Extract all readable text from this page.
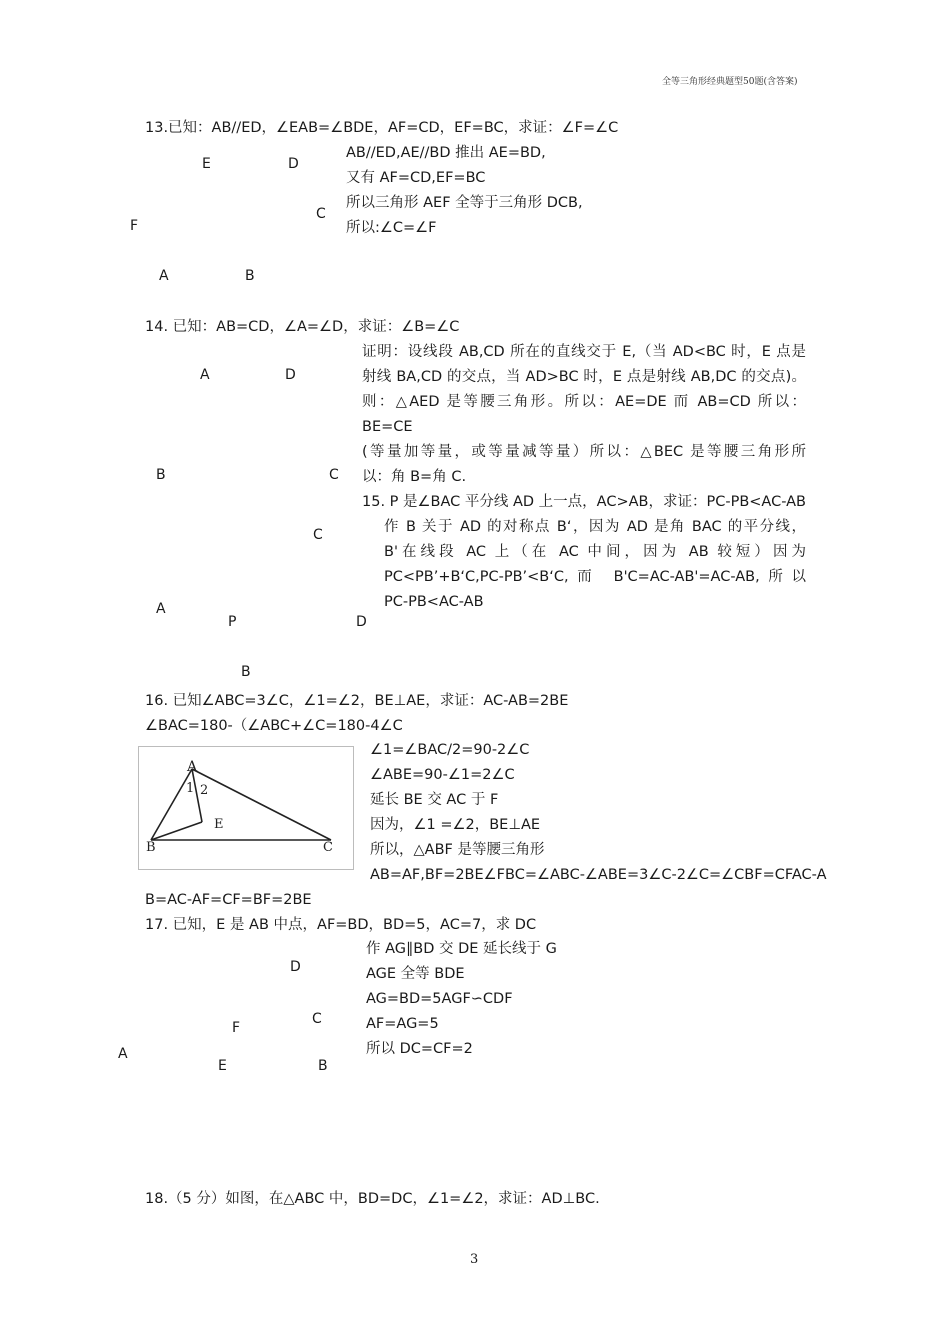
全等三角形经典题型50题(含答案)
3
13.已知：AB//ED，∠EAB=∠BDE，AF=CD，EF=BC，求证：∠F=∠C
E	D
C
F
A	B
AB//ED,AE//BD 推出 AE=BD,
又有 AF=CD,EF=BC
所以三角形 AEF 全等于三角形 DCB,
所以:∠C=∠F
14. 已知：AB=CD，∠A=∠D，求证：∠B=∠C
A	D
B	C
证明：设线段 AB,CD 所在的直线交于 E,（当 AD<BC 时，E 点是
射线 BA,CD 的交点，当 AD>BC 时，E 点是射线 AB,DC 的交点)。
则：△AED 是等腰三角形。所以：AE=DE 而 AB=CD 所以：BE=CE
(等量加等量，或等量减等量）所以：△BEC 是等腰三角形所
以：角 B=角 C.
15. P 是∠BAC 平分线 AD 上一点，AC>AB，求证：PC-PB<AC-AB
C
A
P	D
B
作 B 关于 AD 的对称点 B‘，因为 AD 是角 BAC 的平分线，
B'在线段 AC 上（在 AC 中间，因为 AB 较短）因为
PC<PB’+B‘C,PC-PB’<B‘C,而 B'C=AC-AB'=AC-AB,所以
PC-PB<AC-AB
16. 已知∠ABC=3∠C，∠1=∠2，BE⊥AE，求证：AC-AB=2BE
∠BAC=180-（∠ABC+∠C=180-4∠C
A
1 2
E
B	C
∠1=∠BAC/2=90-2∠C
∠ABE=90-∠1=2∠C
延长 BE 交 AC 于 F
因为，∠1 =∠2，BE⊥AE
所以，△ABF 是等腰三角形
AB=AF,BF=2BE∠FBC=∠ABC-∠ABE=3∠C-2∠C=∠CBF=CFAC-A
B=AC-AF=CF=BF=2BE
17. 已知，E 是 AB 中点，AF=BD，BD=5，AC=7，求 DC
D
C
F
A
E	B
作 AG∥BD 交 DE 延长线于 G
AGE 全等 BDE
AG=BD=5AGF∽CDF
AF=AG=5
所以 DC=CF=2
18.（5 分）如图，在△ABC 中，BD=DC，∠1=∠2，求证：AD⊥BC.
